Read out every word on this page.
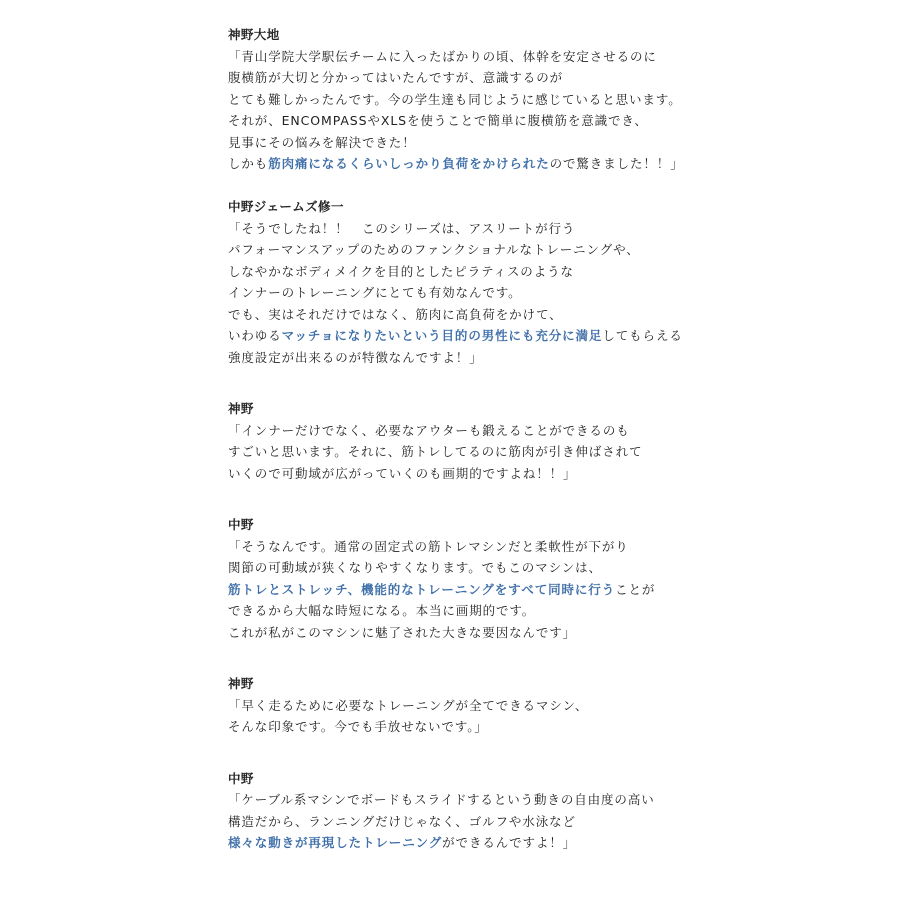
神野大地
「青山学院大学駅伝チームに入ったばかりの頃、体幹を安定させるのに
腹横筋が大切と分かってはいたんですが、意識するのが
とても難しかったんです。今の学生達も同じように感じていると思います。
それが、ENCOMPASSやXLSを使うことで簡単に腹横筋を意識でき、
見事にその悩みを解決できた！
しかも筋肉痛になるくらいしっかり負荷をかけられたので驚きました！！」
中野ジェームズ修一
「そうでしたね！！　このシリーズは、アスリートが行う
パフォーマンスアップのためのファンクショナルなトレーニングや、
しなやかなボディメイクを目的としたピラティスのような
インナーのトレーニングにとても有効なんです。
でも、実はそれだけではなく、筋肉に高負荷をかけて、
いわゆるマッチョになりたいという目的の男性にも充分に満足してもらえる
強度設定が出来るのが特徴なんですよ！」
神野
「インナーだけでなく、必要なアウターも鍛えることができるのも
すごいと思います。それに、筋トレしてるのに筋肉が引き伸ばされて
いくので可動域が広がっていくのも画期的ですよね！！」
中野
「そうなんです。通常の固定式の筋トレマシンだと柔軟性が下がり
関節の可動域が狭くなりやすくなります。でもこのマシンは、
筋トレとストレッチ、機能的なトレーニングをすべて同時に行うことが
できるから大幅な時短になる。本当に画期的です。
これが私がこのマシンに魅了された大きな要因なんです」
神野
「早く走るために必要なトレーニングが全てできるマシン、
そんな印象です。今でも手放せないです。」
中野
「ケーブル系マシンでボードもスライドするという動きの自由度の高い
構造だから、ランニングだけじゃなく、ゴルフや水泳など
様々な動きが再現したトレーニングができるんですよ！」
